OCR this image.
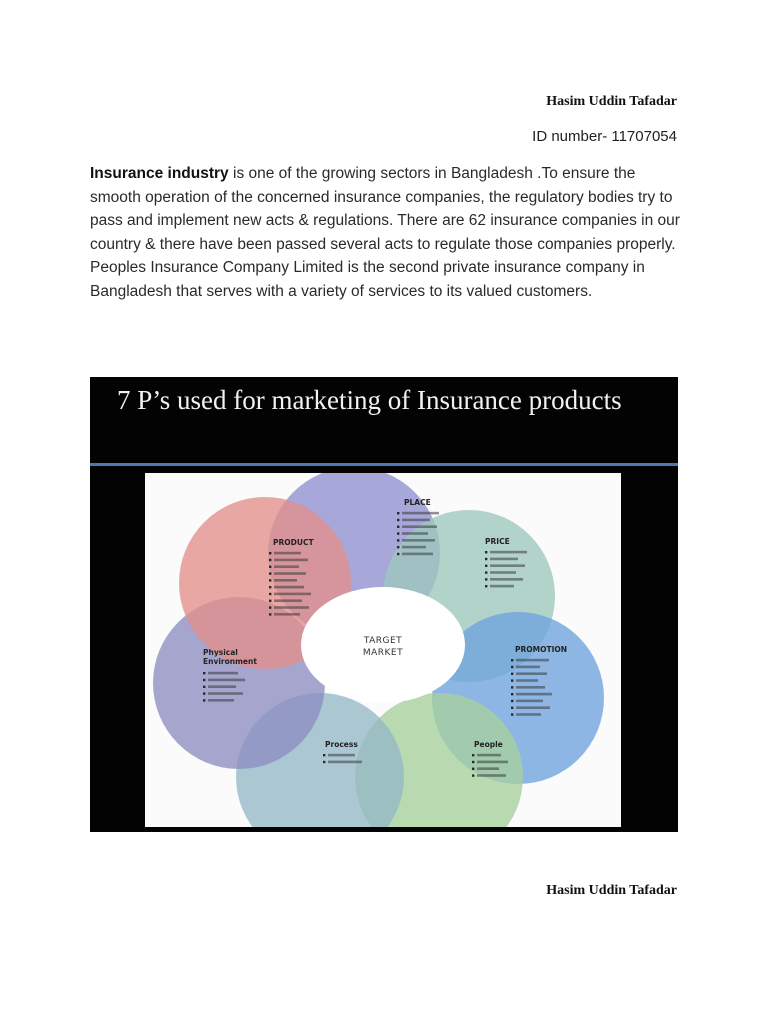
Hasim Uddin Tafadar

ID number- 11707054

Insurance industry is one of the growing sectors in Bangladesh .To ensure the smooth operation of the concerned insurance companies, the regulatory bodies try to pass and implement new acts & regulations. There are 62 insurance companies in our country & there have been passed several acts to regulate those companies properly. Peoples Insurance Company Limited is the second private insurance company in Bangladesh that serves with a variety of services to its valued customers.

7 P’s used for marketing of Insurance products

TARGET
MARKET
PLACE
PRICE
PROMOTION
People
Process
Physical
Environment
PRODUCT

Hasim Uddin Tafadar
